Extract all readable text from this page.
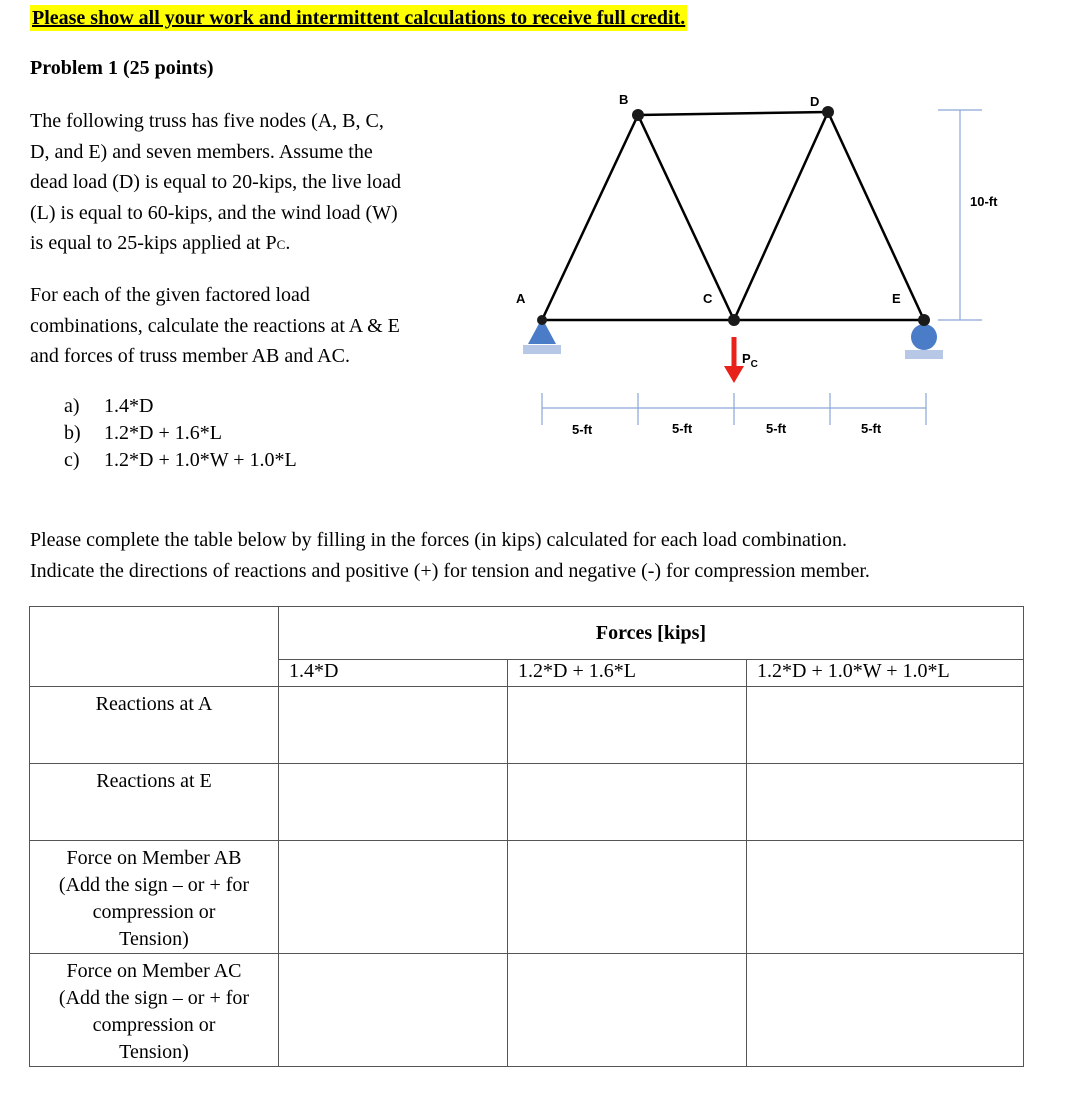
Please show all your work and intermittent calculations to receive full credit.
Problem 1 (25 points)
The following truss has five nodes (A, B, C,
D, and E) and seven members. Assume the
dead load (D) is equal to 20-kips, the live load
(L) is equal to 60-kips, and the wind load (W)
is equal to 25-kips applied at PC.
For each of the given factored load
combinations, calculate the reactions at A & E
and forces of truss member AB and AC.
a) 1.4*D
b) 1.2*D + 1.6*L
c) 1.2*D + 1.0*W + 1.0*L
A
B
C
D
E
$P_C$
10-ft
5-ft	5-ft	5-ft	5-ft
Please complete the table below by filling in the forces (in kips) calculated for each load combination.
Indicate the directions of reactions and positive (+) for tension and negative (-) for compression member.
	Forces [kips]		
	1.4*D	1.2*D + 1.6*L	1.2*D + 1.0*W + 1.0*L

Reactions at A			

Reactions at E			

Force on Member AB
(Add the sign – or + for
compression or
Tension)			

Force on Member AC
(Add the sign – or + for
compression or
Tension)			
